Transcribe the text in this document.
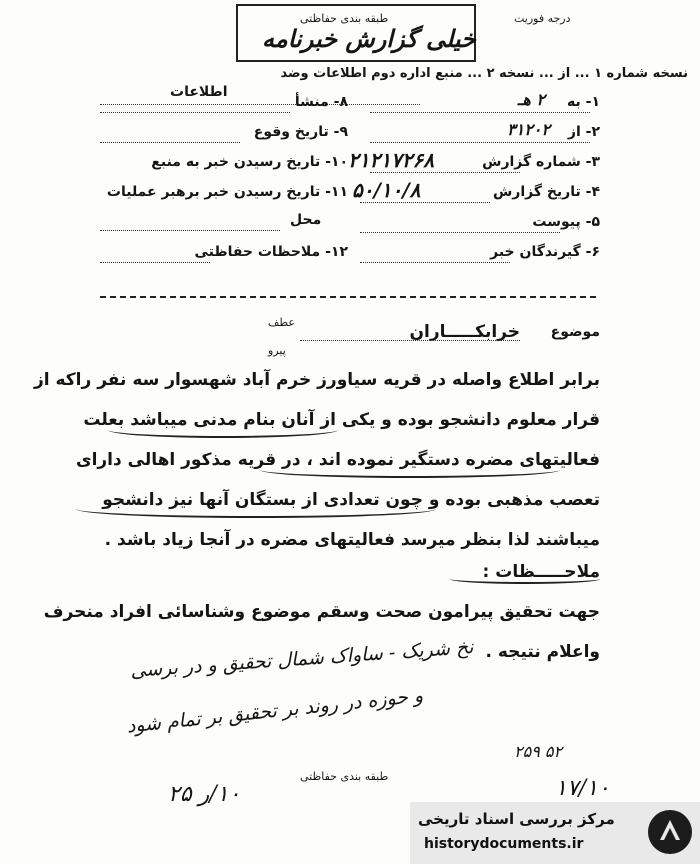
طبقه بندی حفاظتی
خیلی گزارش خبرنامه
درجه فوریت
نسخه شماره ۱ ... از ... نسخه ۲ ... منبع اداره دوم اطلاعات وضد
اطلاعات
۱- به
۲ هـ
۲- از
۳۱۲۰۲
۳- شماره گزارش
۲۱۲۱۷۲۶۸
۴- تاریخ گزارش
۵۰/۱۰/۸
۵- پیوست
۶- گیرندگان خبر
۸- منشأ
۹- تاریخ وقوع
۱۰- تاریخ رسیدن خبر به منبع
۱۱- تاریخ رسیدن خبر برهبر عملیات
محل
۱۲- ملاحظات حفاظتی
موضوع
خرابکـــــاران
عطف
پیرو
برابر اطلاع واصله در قریه سیاورز خرم آباد شهسوار سه نفر راکه از
قرار معلوم دانشجو بوده و یکی از آنان بنام مدنی میباشد بعلت
فعالیتهای مضره دستگیر نموده اند ، در قریه مذکور اهالی دارای
تعصب مذهبی بوده و چون تعدادی از بستگان آنها نیز دانشجو
میباشند لذا بنظر میرسد فعالیتهای مضره در آنجا زیاد باشد .
ملاحـــــظات :
جهت تحقیق پیرامون صحت وسقم موضوع وشناسائی افراد منحرف
واعلام نتیجه .
نخ شریک - ساواک شمال تحقیق و در برسی
و حوزه در روند بر تحقیق بر تمام شود
۵۲ ۲۵۹
۱۷/۱۰
۱۰/ر ۲۵
طبقه بندی حفاظتی
مرکز بررسی اسناد تاریخی
historydocuments.ir
